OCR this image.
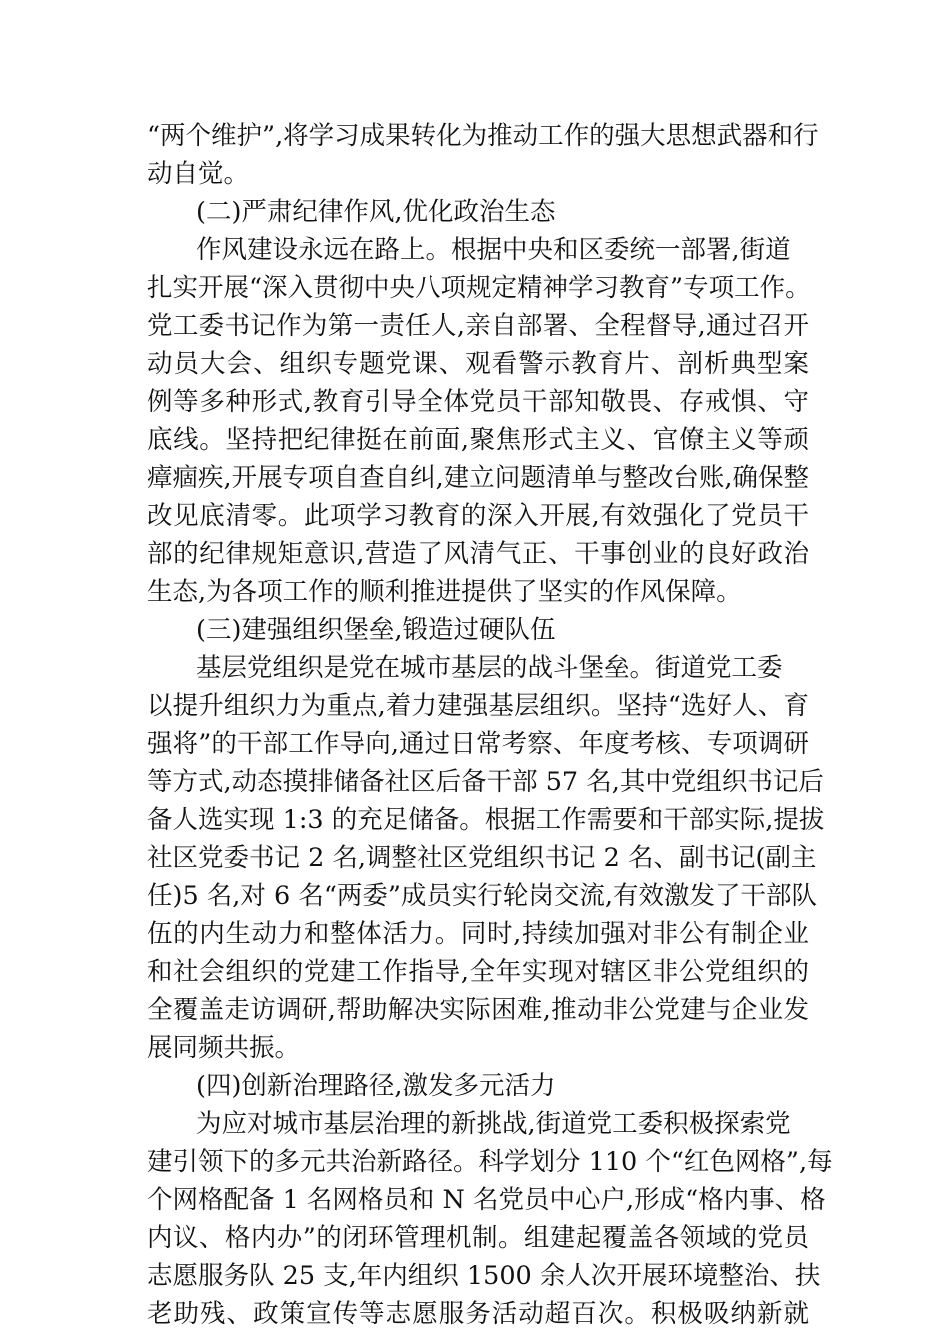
“两个维护”,将学习成果转化为推动工作的强大思想武器和行
动自觉。
(二)严肃纪律作风,优化政治生态
作风建设永远在路上。根据中央和区委统一部署,街道
扎实开展“深入贯彻中央八项规定精神学习教育”专项工作。
党工委书记作为第一责任人,亲自部署、全程督导,通过召开
动员大会、组织专题党课、观看警示教育片、剖析典型案
例等多种形式,教育引导全体党员干部知敬畏、存戒惧、守
底线。坚持把纪律挺在前面,聚焦形式主义、官僚主义等顽
瘴痼疾,开展专项自查自纠,建立问题清单与整改台账,确保整
改见底清零。此项学习教育的深入开展,有效强化了党员干
部的纪律规矩意识,营造了风清气正、干事创业的良好政治
生态,为各项工作的顺利推进提供了坚实的作风保障。
(三)建强组织堡垒,锻造过硬队伍
基层党组织是党在城市基层的战斗堡垒。街道党工委
以提升组织力为重点,着力建强基层组织。坚持“选好人、育
强将”的干部工作导向,通过日常考察、年度考核、专项调研
等方式,动态摸排储备社区后备干部 57 名,其中党组织书记后
备人选实现 1:3 的充足储备。根据工作需要和干部实际,提拔
社区党委书记 2 名,调整社区党组织书记 2 名、副书记(副主
任)5 名,对 6 名“两委”成员实行轮岗交流,有效激发了干部队
伍的内生动力和整体活力。同时,持续加强对非公有制企业
和社会组织的党建工作指导,全年实现对辖区非公党组织的
全覆盖走访调研,帮助解决实际困难,推动非公党建与企业发
展同频共振。
(四)创新治理路径,激发多元活力
为应对城市基层治理的新挑战,街道党工委积极探索党
建引领下的多元共治新路径。科学划分 110 个“红色网格”,每
个网格配备 1 名网格员和 N 名党员中心户,形成“格内事、格
内议、格内办”的闭环管理机制。组建起覆盖各领域的党员
志愿服务队 25 支,年内组织 1500 余人次开展环境整治、扶
老助残、政策宣传等志愿服务活动超百次。积极吸纳新就
